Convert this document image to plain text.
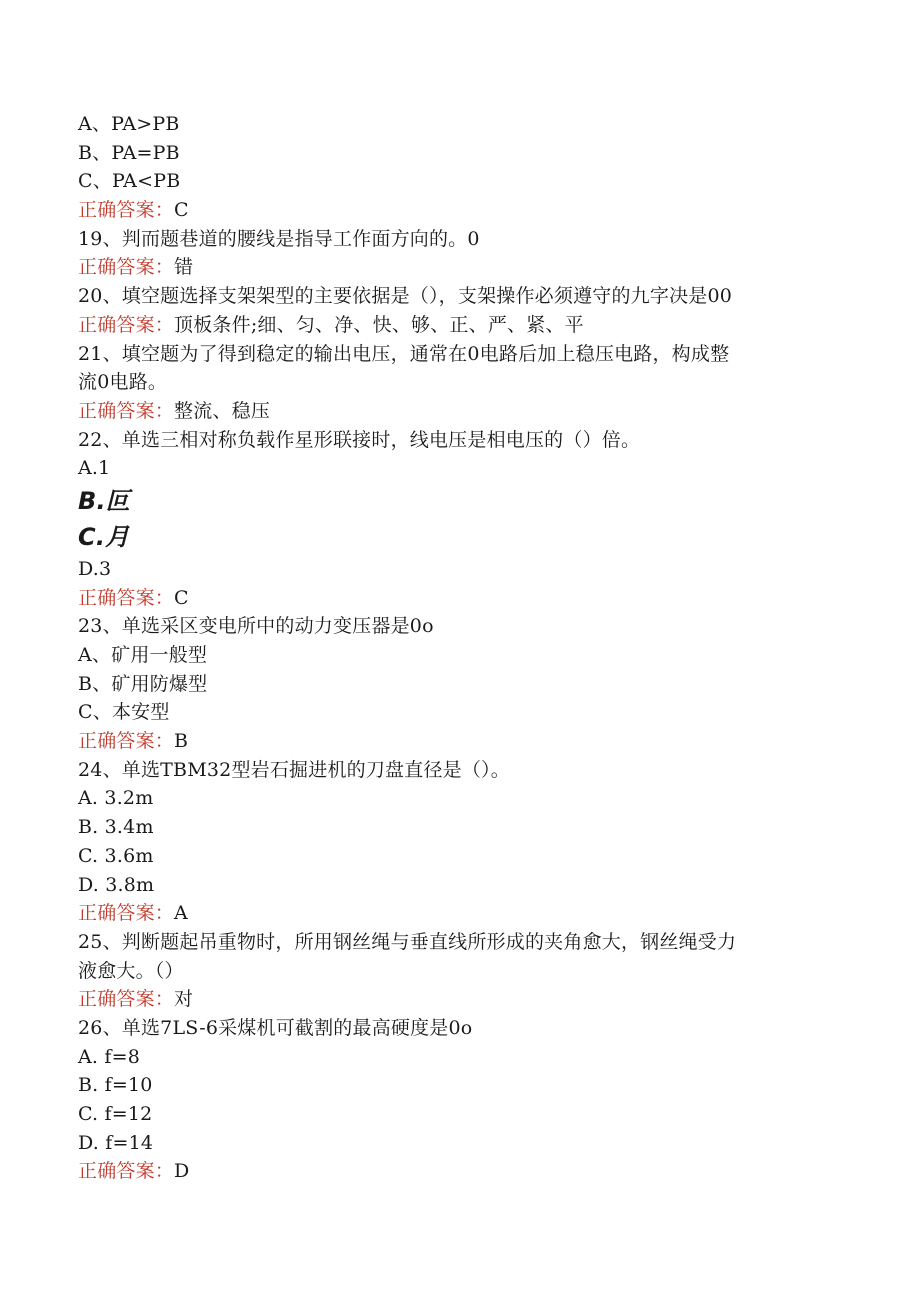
A、PA>PB
B、PA=PB
C、PA<PB
正确答案：C
19、判而题巷道的腰线是指导工作面方向的。0
正确答案：错
20、填空题选择支架架型的主要依据是（），支架操作必须遵守的九字决是00
正确答案：顶板条件;细、匀、净、快、够、正、严、紧、平
21、填空题为了得到稳定的输出电压，通常在0电路后加上稳压电路，构成整
流0电路。
正确答案：整流、稳压
22、单选三相对称负载作星形联接时，线电压是相电压的（）倍。
A.1
B.叵
C.月
D.3
正确答案：C
23、单选采区变电所中的动力变压器是0o
A、矿用一般型
B、矿用防爆型
C、本安型
正确答案：B
24、单选TBM32型岩石掘进机的刀盘直径是（）。
A. 3.2m
B. 3.4m
C. 3.6m
D. 3.8m
正确答案：A
25、判断题起吊重物时，所用钢丝绳与垂直线所形成的夹角愈大，钢丝绳受力
液愈大。（）
正确答案：对
26、单选7LS-6采煤机可截割的最高硬度是0o
A. f=8
B. f=10
C. f=12
D. f=14
正确答案：D
